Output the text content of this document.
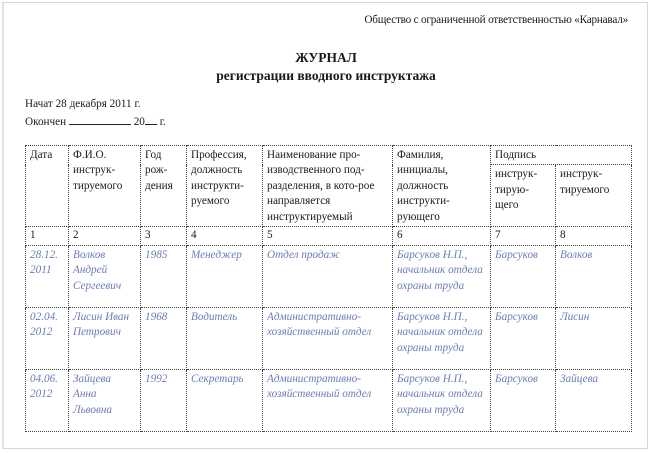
Общество с ограниченной ответственностью «Карнавал»
ЖУРНАЛ
регистрации вводного инструктажа
Начат 28 декабря 2011 г.
Окончен	20 г.
Дата	Ф.И.О. инструк-тируемого	Год рож-дения	Профессия, должность инструкти-руемого	Наименование про-изводственного под-разделения, в кото-рое направляется инструктируемый	Фамилия, инициалы, должность инструкти-рующего	Подпись	
						инструк-тирую-щего	инструк-тируемого
1	2	3	4	5	6	7	8
28.12. 2011	Волков Андрей Сергеевич	1985	Менеджер	Отдел продаж	Барсуков Н.П., начальник отдела охраны труда	Барсуков	Волков
02.04. 2012	Лисин Иван Петрович	1968	Водитель	Административно-хозяйственный отдел	Барсуков Н.П., начальник отдела охраны труда	Барсуков	Лисин
04.06. 2012	Зайцева Анна Львовна	1992	Секретарь	Административно-хозяйственный отдел	Барсуков Н.П., начальник отдела охраны труда	Барсуков	Зайцева
